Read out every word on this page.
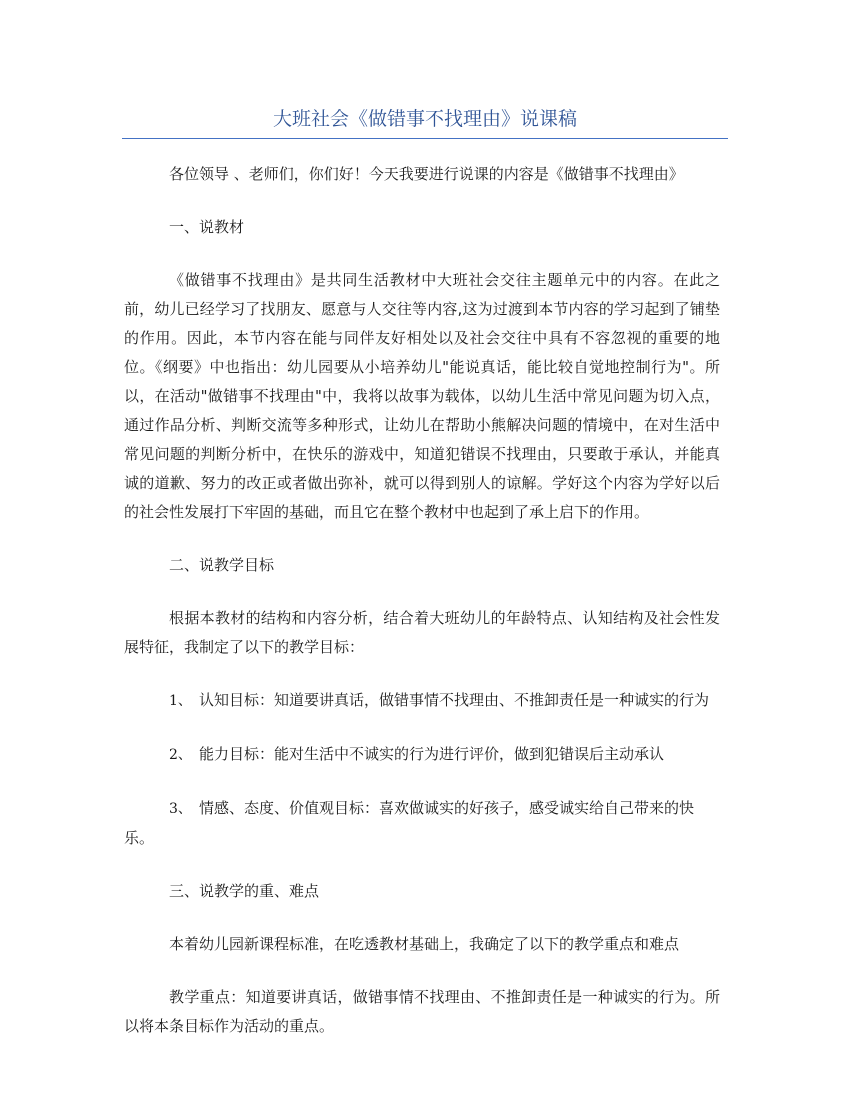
大班社会《做错事不找理由》说课稿

各位领导 、老师们，你们好！今天我要进行说课的内容是《做错事不找理由》

一、说教材

《做错事不找理由》是共同生活教材中大班社会交往主题单元中的内容。在此之前，幼儿已经学习了找朋友、愿意与人交往等内容,这为过渡到本节内容的学习起到了铺垫的作用。因此，本节内容在能与同伴友好相处以及社会交往中具有不容忽视的重要的地位。《纲要》中也指出：幼儿园要从小培养幼儿"能说真话，能比较自觉地控制行为"。所以，在活动"做错事不找理由"中，我将以故事为载体，以幼儿生活中常见问题为切入点，通过作品分析、判断交流等多种形式，让幼儿在帮助小熊解决问题的情境中，在对生活中常见问题的判断分析中，在快乐的游戏中，知道犯错误不找理由，只要敢于承认，并能真诚的道歉、努力的改正或者做出弥补，就可以得到别人的谅解。学好这个内容为学好以后的社会性发展打下牢固的基础，而且它在整个教材中也起到了承上启下的作用。

二、说教学目标

根据本教材的结构和内容分析，结合着大班幼儿的年龄特点、认知结构及社会性发展特征，我制定了以下的教学目标：

1、 认知目标：知道要讲真话，做错事情不找理由、不推卸责任是一种诚实的行为

2、 能力目标：能对生活中不诚实的行为进行评价，做到犯错误后主动承认

3、 情感、态度、价值观目标：喜欢做诚实的好孩子，感受诚实给自己带来的快乐。

三、说教学的重、难点

本着幼儿园新课程标准，在吃透教材基础上，我确定了以下的教学重点和难点

教学重点：知道要讲真话，做错事情不找理由、不推卸责任是一种诚实的行为。所以将本条目标作为活动的重点。
